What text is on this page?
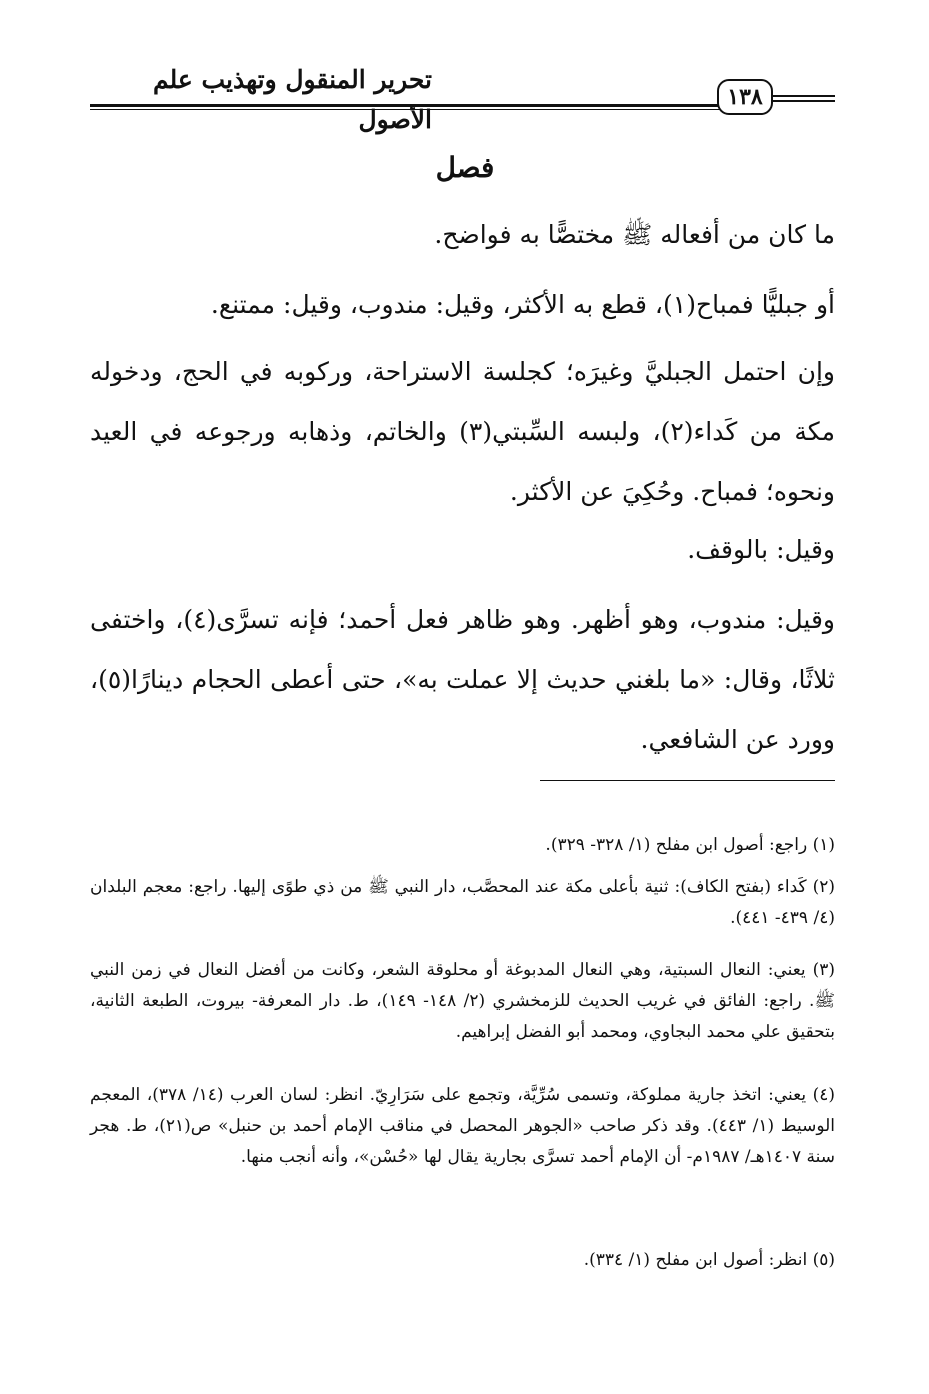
تحرير المنقول وتهذيب علم الأصول
١٣٨
فصل
ما كان من أفعاله ﷺ مختصًّا به فواضح.
أو جبليًّا فمباح(١)، قطع به الأكثر، وقيل: مندوب، وقيل: ممتنع.
وإن احتمل الجبليَّ وغيرَه؛ كجلسة الاستراحة، وركوبه في الحج، ودخوله مكة من كَداء(٢)، ولبسه السِّبتي(٣) والخاتم، وذهابه ورجوعه في العيد ونحوه؛ فمباح. وحُكِيَ عن الأكثر.
وقيل: بالوقف.
وقيل: مندوب، وهو أظهر. وهو ظاهر فعل أحمد؛ فإنه تسرَّى(٤)، واختفى ثلاثًا، وقال: «ما بلغني حديث إلا عملت به»، حتى أعطى الحجام دينارًا(٥)، وورد عن الشافعي.
(١) راجع: أصول ابن مفلح (١/ ٣٢٨- ٣٢٩).
(٢) كَداء (بفتح الكاف): ثنية بأعلى مكة عند المحصَّب، دار النبي ﷺ من ذي طوًى إليها. راجع: معجم البلدان (٤/ ٤٣٩- ٤٤١).
(٣) يعني: النعال السبتية، وهي النعال المدبوغة أو محلوقة الشعر، وكانت من أفضل النعال في زمن النبي ﷺ. راجع: الفائق في غريب الحديث للزمخشري (٢/ ١٤٨- ١٤٩)، ط. دار المعرفة- بيروت، الطبعة الثانية، بتحقيق علي محمد البجاوي، ومحمد أبو الفضل إبراهيم.
(٤) يعني: اتخذ جارية مملوكة، وتسمى سُرِّيَّة، وتجمع على سَرَارِيّ. انظر: لسان العرب (١٤/ ٣٧٨)، المعجم الوسيط (١/ ٤٤٣). وقد ذكر صاحب «الجوهر المحصل في مناقب الإمام أحمد بن حنبل» ص(٢١)، ط. هجر سنة ١٤٠٧هـ/ ١٩٨٧م- أن الإمام أحمد تسرَّى بجارية يقال لها «حُسْن»، وأنه أنجب منها.
(٥) انظر: أصول ابن مفلح (١/ ٣٣٤).
